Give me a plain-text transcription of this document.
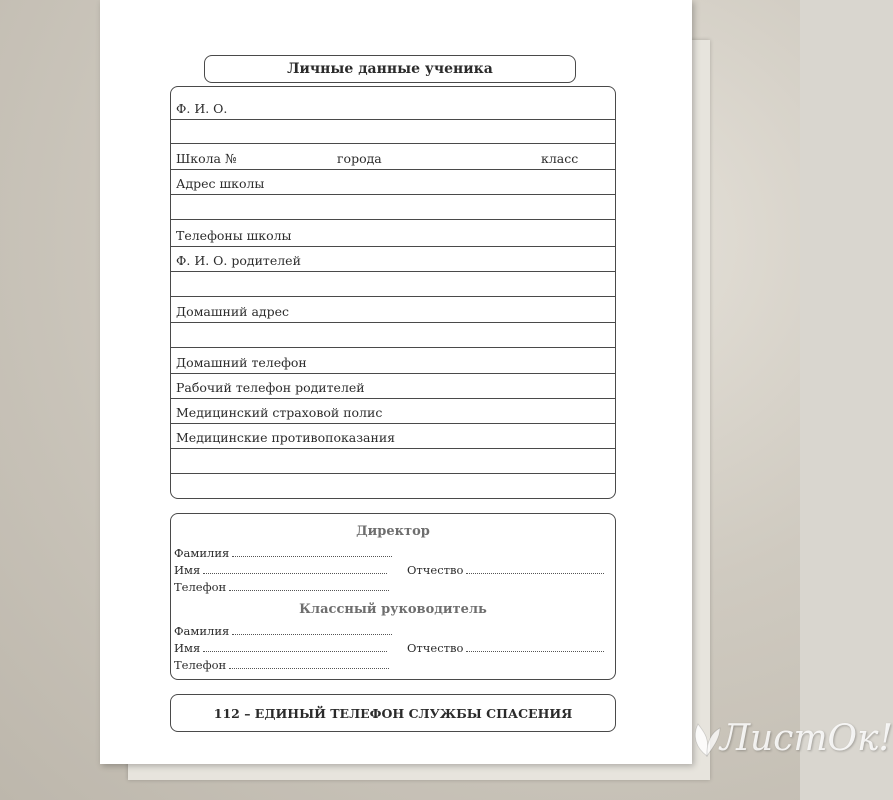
Личные данные ученика
Ф. И. О.
Школа №	города	класс
Адрес школы
Телефоны школы
Ф. И. О. родителей
Домашний адрес
Домашний телефон
Рабочий телефон родителей
Медицинский страховой полис
Медицинские противопоказания
Директор
Фамилия
Имя	Отчество
Телефон
Классный руководитель
Фамилия
Имя	Отчество
Телефон
112 – ЕДИНЫЙ ТЕЛЕФОН СЛУЖБЫ СПАСЕНИЯ
ЛистОк!
